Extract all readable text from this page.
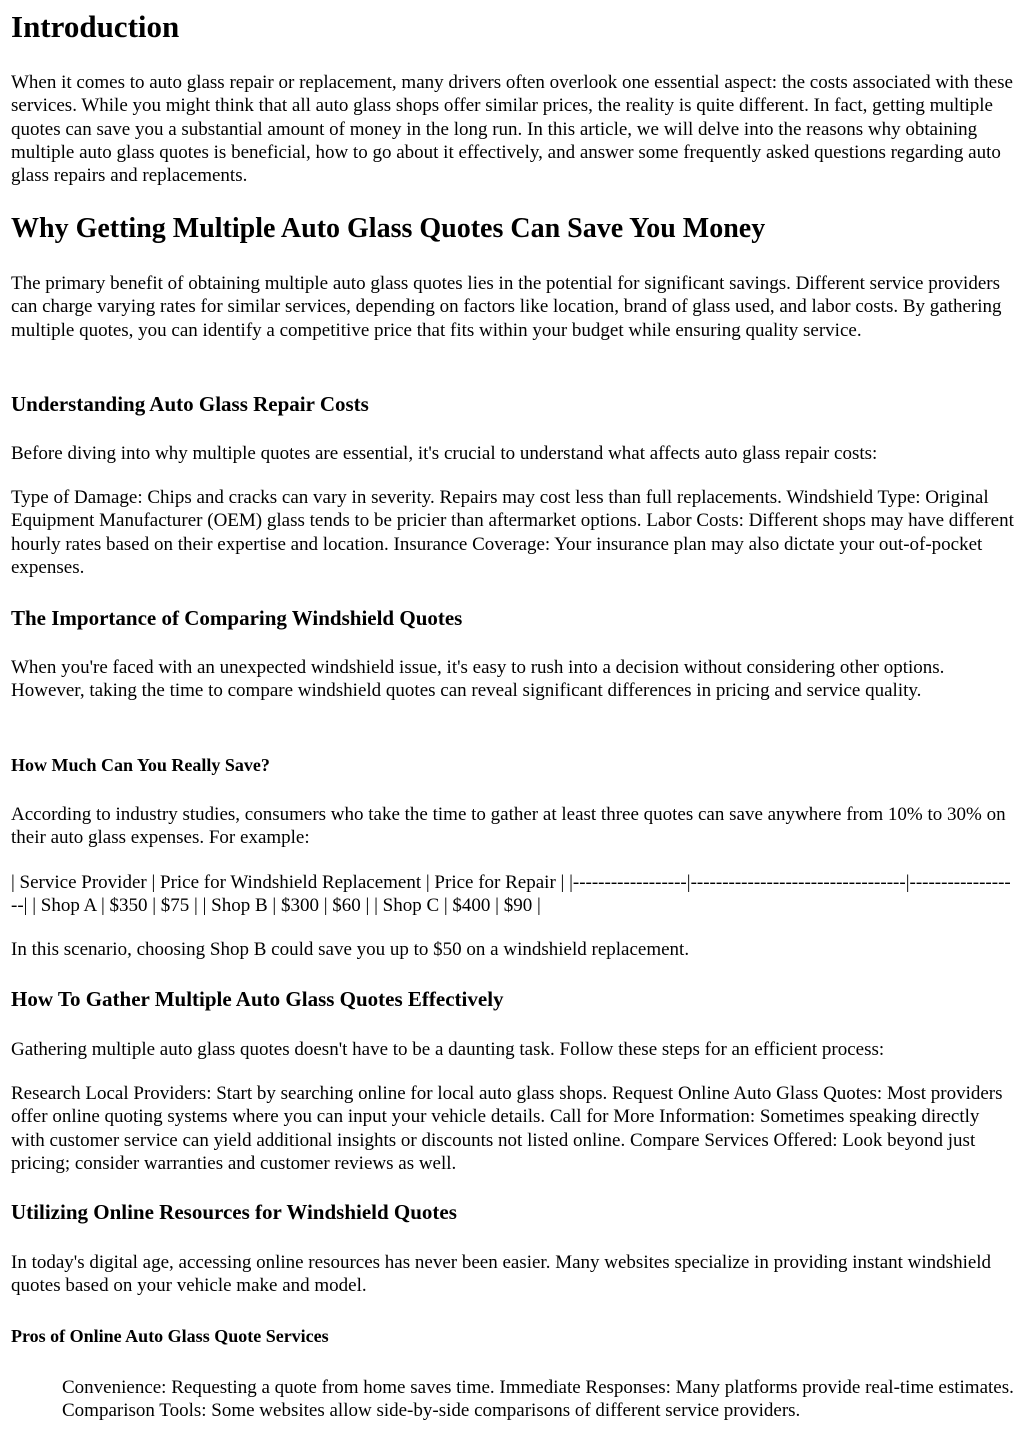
Introduction

When it comes to auto glass repair or replacement, many drivers often overlook one essential aspect: the costs associated with these services. While you might think that all auto glass shops offer similar prices, the reality is quite different. In fact, getting multiple quotes can save you a substantial amount of money in the long run. In this article, we will delve into the reasons why obtaining multiple auto glass quotes is beneficial, how to go about it effectively, and answer some frequently asked questions regarding auto glass repairs and replacements.

Why Getting Multiple Auto Glass Quotes Can Save You Money

The primary benefit of obtaining multiple auto glass quotes lies in the potential for significant savings. Different service providers can charge varying rates for similar services, depending on factors like location, brand of glass used, and labor costs. By gathering multiple quotes, you can identify a competitive price that fits within your budget while ensuring quality service.

Understanding Auto Glass Repair Costs

Before diving into why multiple quotes are essential, it's crucial to understand what affects auto glass repair costs:

Type of Damage: Chips and cracks can vary in severity. Repairs may cost less than full replacements. Windshield Type: Original Equipment Manufacturer (OEM) glass tends to be pricier than aftermarket options. Labor Costs: Different shops may have different hourly rates based on their expertise and location. Insurance Coverage: Your insurance plan may also dictate your out-of-pocket expenses.

The Importance of Comparing Windshield Quotes

When you're faced with an unexpected windshield issue, it's easy to rush into a decision without considering other options. However, taking the time to compare windshield quotes can reveal significant differences in pricing and service quality.

How Much Can You Really Save?

According to industry studies, consumers who take the time to gather at least three quotes can save anywhere from 10% to 30% on their auto glass expenses. For example:

| Service Provider | Price for Windshield Replacement | Price for Repair | |------------------|----------------------------------|------------------| | Shop A | $350 | $75 | | Shop B | $300 | $60 | | Shop C | $400 | $90 |

In this scenario, choosing Shop B could save you up to $50 on a windshield replacement.

How To Gather Multiple Auto Glass Quotes Effectively

Gathering multiple auto glass quotes doesn't have to be a daunting task. Follow these steps for an efficient process:

Research Local Providers: Start by searching online for local auto glass shops. Request Online Auto Glass Quotes: Most providers offer online quoting systems where you can input your vehicle details. Call for More Information: Sometimes speaking directly with customer service can yield additional insights or discounts not listed online. Compare Services Offered: Look beyond just pricing; consider warranties and customer reviews as well.

Utilizing Online Resources for Windshield Quotes

In today's digital age, accessing online resources has never been easier. Many websites specialize in providing instant windshield quotes based on your vehicle make and model.

Pros of Online Auto Glass Quote Services

Convenience: Requesting a quote from home saves time. Immediate Responses: Many platforms provide real-time estimates. Comparison Tools: Some websites allow side-by-side comparisons of different service providers.
